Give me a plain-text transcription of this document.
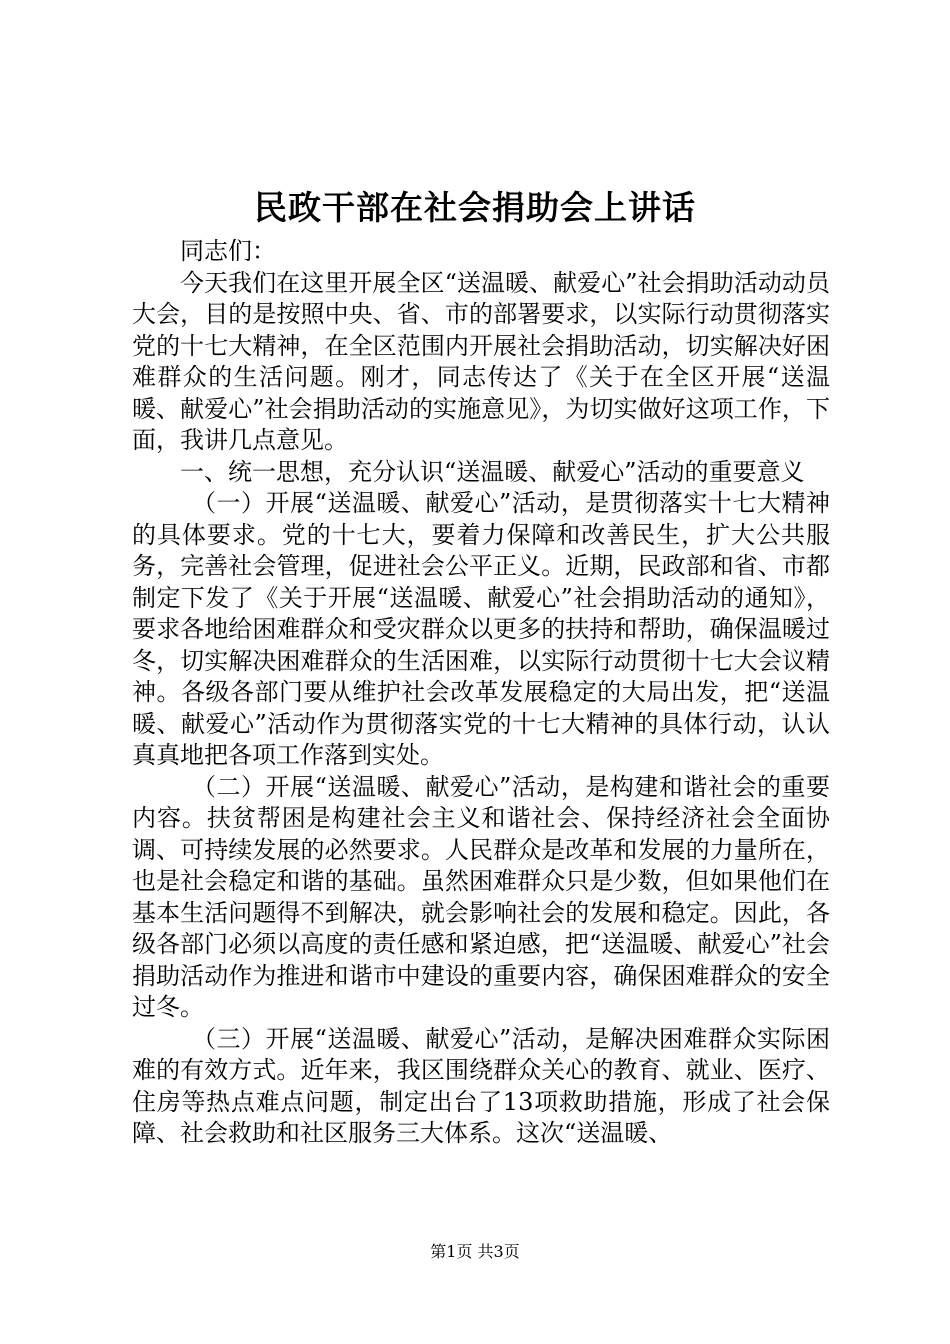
民政干部在社会捐助会上讲话

同志们：

今天我们在这里开展全区“送温暖、献爱心”社会捐助活动动员大会，目的是按照中央、省、市的部署要求，以实际行动贯彻落实党的十七大精神，在全区范围内开展社会捐助活动，切实解决好困难群众的生活问题。刚才，同志传达了《关于在全区开展“送温暖、献爱心”社会捐助活动的实施意见》，为切实做好这项工作，下面，我讲几点意见。

一、统一思想，充分认识“送温暖、献爱心”活动的重要意义

（一）开展“送温暖、献爱心”活动，是贯彻落实十七大精神的具体要求。党的十七大，要着力保障和改善民生，扩大公共服务，完善社会管理，促进社会公平正义。近期，民政部和省、市都制定下发了《关于开展“送温暖、献爱心”社会捐助活动的通知》，要求各地给困难群众和受灾群众以更多的扶持和帮助，确保温暖过冬，切实解决困难群众的生活困难，以实际行动贯彻十七大会议精神。各级各部门要从维护社会改革发展稳定的大局出发，把“送温暖、献爱心”活动作为贯彻落实党的十七大精神的具体行动，认认真真地把各项工作落到实处。

（二）开展“送温暖、献爱心”活动，是构建和谐社会的重要内容。扶贫帮困是构建社会主义和谐社会、保持经济社会全面协调、可持续发展的必然要求。人民群众是改革和发展的力量所在，也是社会稳定和谐的基础。虽然困难群众只是少数，但如果他们在基本生活问题得不到解决，就会影响社会的发展和稳定。因此，各级各部门必须以高度的责任感和紧迫感，把“送温暖、献爱心”社会捐助活动作为推进和谐市中建设的重要内容，确保困难群众的安全过冬。

（三）开展“送温暖、献爱心”活动，是解决困难群众实际困难的有效方式。近年来，我区围绕群众关心的教育、就业、医疗、住房等热点难点问题，制定出台了13项救助措施，形成了社会保障、社会救助和社区服务三大体系。这次“送温暖、

第1页 共3页
